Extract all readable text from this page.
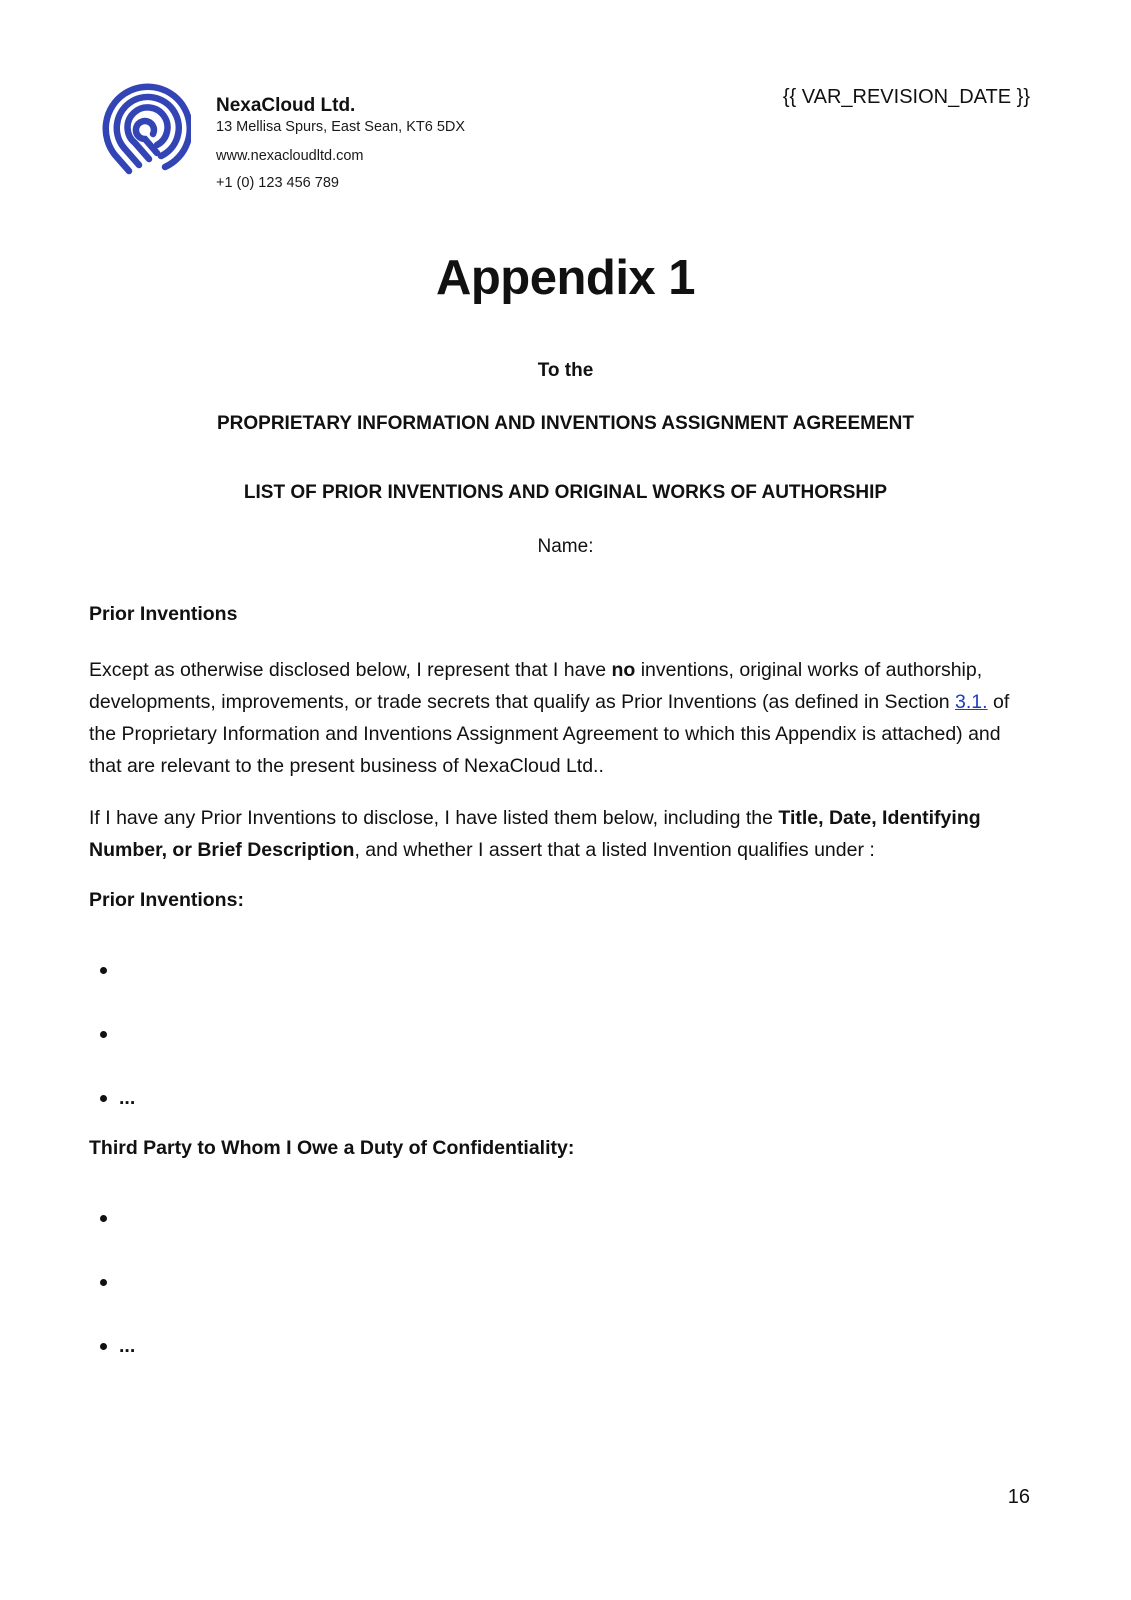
NexaCloud Ltd.

13 Mellisa Spurs, East Sean, KT6 5DX

www.nexacloudltd.com

+1 (0) 123 456 789

{{ VAR_REVISION_DATE }}
Appendix 1

To the

PROPRIETARY INFORMATION AND INVENTIONS ASSIGNMENT AGREEMENT

LIST OF PRIOR INVENTIONS AND ORIGINAL WORKS OF AUTHORSHIP

Name:

Prior Inventions

Except as otherwise disclosed below, I represent that I have no inventions, original works of authorship, developments, improvements, or trade secrets that qualify as Prior Inventions (as defined in Section 3.1. of the Proprietary Information and Inventions Assignment Agreement to which this Appendix is attached) and that are relevant to the present business of NexaCloud Ltd..

If I have any Prior Inventions to disclose, I have listed them below, including the Title, Date, Identifying Number, or Brief Description, and whether I assert that a listed Invention qualifies under :

Prior Inventions:

...

Third Party to Whom I Owe a Duty of Confidentiality:

...
16
